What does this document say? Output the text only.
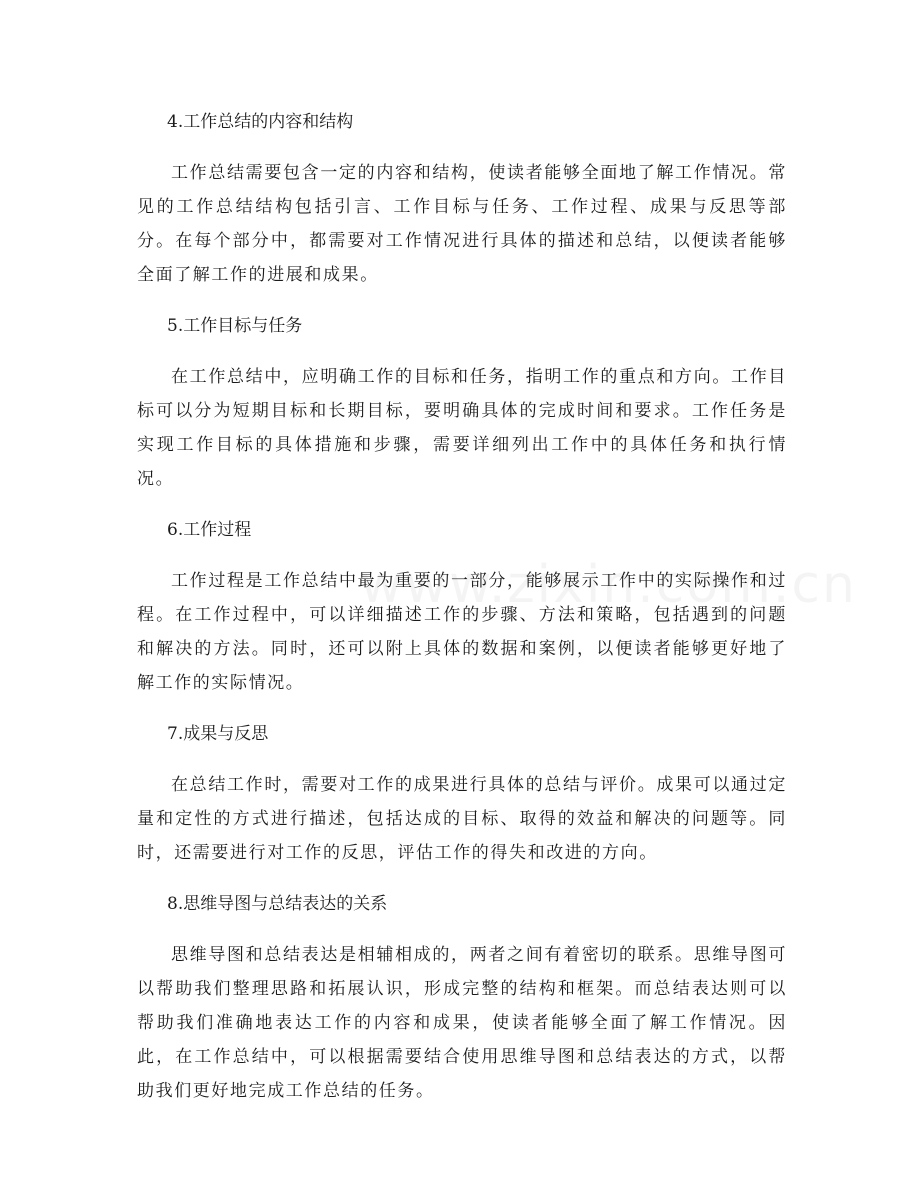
4.工作总结的内容和结构

工作总结需要包含一定的内容和结构，使读者能够全面地了解工作情况。常见的工作总结结构包括引言、工作目标与任务、工作过程、成果与反思等部分。在每个部分中，都需要对工作情况进行具体的描述和总结，以便读者能够全面了解工作的进展和成果。

5.工作目标与任务

在工作总结中，应明确工作的目标和任务，指明工作的重点和方向。工作目标可以分为短期目标和长期目标，要明确具体的完成时间和要求。工作任务是实现工作目标的具体措施和步骤，需要详细列出工作中的具体任务和执行情况。

6.工作过程

工作过程是工作总结中最为重要的一部分，能够展示工作中的实际操作和过程。在工作过程中，可以详细描述工作的步骤、方法和策略，包括遇到的问题和解决的方法。同时，还可以附上具体的数据和案例，以便读者能够更好地了解工作的实际情况。

7.成果与反思

在总结工作时，需要对工作的成果进行具体的总结与评价。成果可以通过定量和定性的方式进行描述，包括达成的目标、取得的效益和解决的问题等。同时，还需要进行对工作的反思，评估工作的得失和改进的方向。

8.思维导图与总结表达的关系

思维导图和总结表达是相辅相成的，两者之间有着密切的联系。思维导图可以帮助我们整理思路和拓展认识，形成完整的结构和框架。而总结表达则可以帮助我们准确地表达工作的内容和成果，使读者能够全面了解工作情况。因此，在工作总结中，可以根据需要结合使用思维导图和总结表达的方式，以帮助我们更好地完成工作总结的任务。
